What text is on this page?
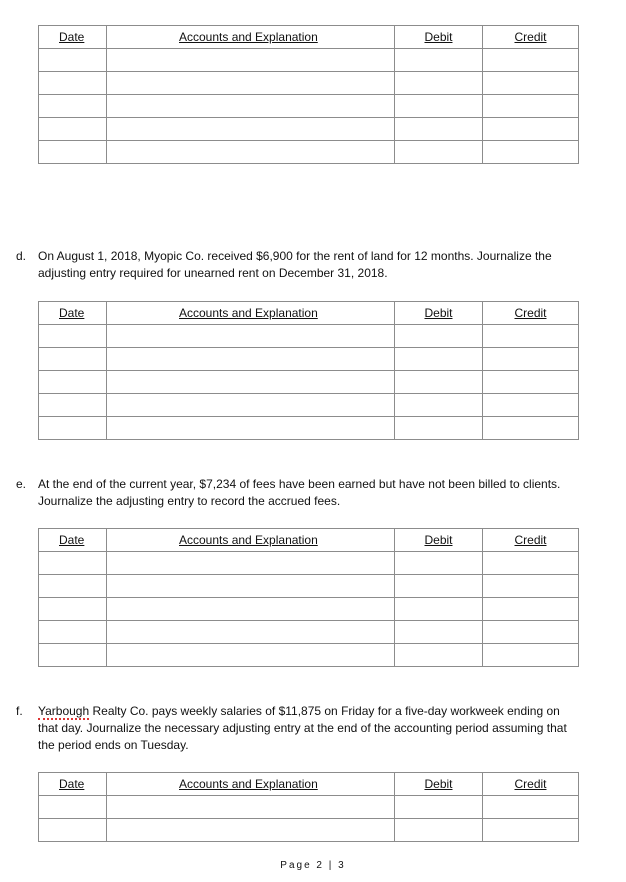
Date	Accounts and Explanation	Debit	Credit

d. On August 1, 2018, Myopic Co. received $6,900 for the rent of land for 12 months. Journalize the adjusting entry required for unearned rent on December 31, 2018.
Date	Accounts and Explanation	Debit	Credit

e. At the end of the current year, $7,234 of fees have been earned but have not been billed to clients. Journalize the adjusting entry to record the accrued fees.
Date	Accounts and Explanation	Debit	Credit

f. Yarbough Realty Co. pays weekly salaries of $11,875 on Friday for a five-day workweek ending on that day. Journalize the necessary adjusting entry at the end of the accounting period assuming that the period ends on Tuesday.
Date	Accounts and Explanation	Debit	Credit

Page 2 | 3
